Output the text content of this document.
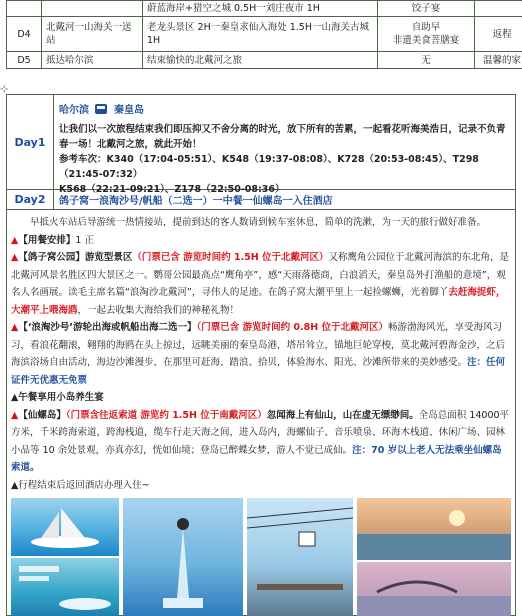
		蔚蓝海岸+猎空之城 0.5H一刘庄夜市 1H	饺子宴	
D4	北戴河一山海关一送站	老龙头景区 2H一秦皇求仙入海处 1.5H一山海关古城 1H	自助早
非遗美食菩膳宴	返程
D5	抵达哈尔滨	结束愉快的北戴河之旅	无	温馨的家
⊹
Day1
哈尔滨 秦皇岛
让我们以一次旅程结束我们即压抑又不舍分离的时光，放下所有的苦累，一起看花听海美浩日，记录不负青春一场！北戴河之旅，就此开始！
参考车次：K340（17:04-05:51）、K548（19:37-08:08）、K728（20:53-08:45）、T298（21:45-07:32）
K568（22:21-09:21）、Z178（22:50-08:36）
Day2	鸽子窝一浪淘沙号/帆船（二选一）一中餐一仙螺岛一入住酒店

  早抵火车站后导游统一热情接站，提前到达的客人数请到候车室休息，简单的洗漱，为一天的旅行做好准备。

▲【用餐安排】1 正

▲【鸽子窝公园】游览型景区（门票已含 游览时间约 1.5H 位于北戴河区）又称鹰角公园位于北戴河海滨的东北角，是北戴河风景名胜区四大景区之一。鹦哥公园最高点“鹰角亭”，感“天雨落德商，白浪滔天，秦皇岛外打渔船的意境”，观名人名画展。读毛主席名篇“浪淘沙北戴河”，寻伟人的足迹。在鸽子窝大潮平里上一起捡螺蛳，光着脚丫去赶海捉虾，大潮平上喂海鸥，一起去收集大海给我们的神秘礼物！

▲【‘浪淘沙号’游轮出海或帆船出海二选一】（门票已含 游览时间约 0.8H 位于北戴河区）畅游渤海风光，享受海风习习，看浪花翻滚，翱翔的海鸥在头上掠过，远眺美丽的秦皇岛港，塔吊耸立，锚地巨轮穿梭，莫北戴河碧海金沙，之后海滨浴场自由活动，海边沙滩漫步，在那里可赶海、踏浪、拾贝，体验海水、阳光、沙滩所带来的美妙感受。注：任何证件无优惠无免票

▲午餐享用小岛养生宴

▲【仙螺岛】（门票含往返索道 游览约 1.5H 位于南戴河区）忽闻海上有仙山，山在虚无缥缈间。全岛总面积 14000平方米，千米跨海索道，跨海栈道，缆车行走天海之间，进入岛内，海螺仙子、音乐喷泉、环海木栈道、休闲广场、园林小品等 10 余处景观，亦真亦幻，恍如仙境；登岛已醉蝶女梦，游人不觉已成仙。注：70 岁以上老人无法乘坐仙螺岛索道。

▲行程结束后返回酒店办理入住~
